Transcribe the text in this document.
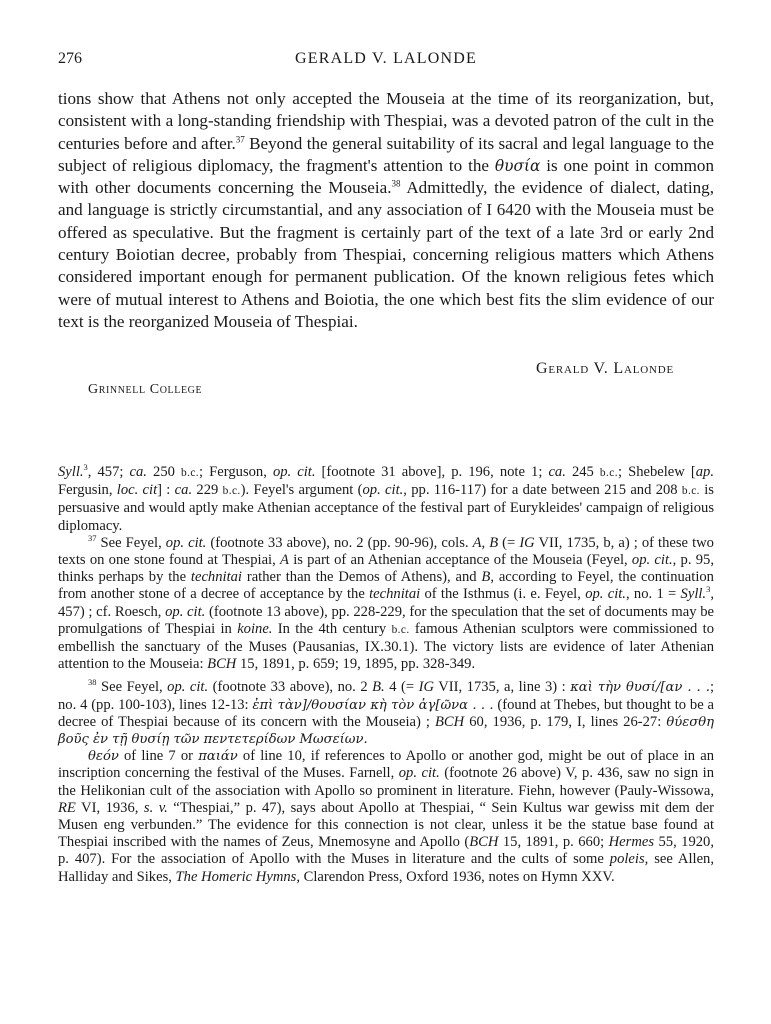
276	GERALD V. LALONDE
tions show that Athens not only accepted the Mouseia at the time of its reorganization, but, consistent with a long-standing friendship with Thespiai, was a devoted patron of the cult in the centuries before and after.$^{37}$ Beyond the general suitability of its sacral and legal language to the subject of religious diplomacy, the fragment's attention to the θυσία is one point in common with other documents concerning the Mouseia.$^{38}$ Admittedly, the evidence of dialect, dating, and language is strictly circumstantial, and any association of I 6420 with the Mouseia must be offered as speculative. But the fragment is certainly part of the text of a late 3rd or early 2nd century Boiotian decree, probably from Thespiai, concerning religious matters which Athens considered important enough for permanent publication. Of the known religious fetes which were of mutual interest to Athens and Boiotia, the one which best fits the slim evidence of our text is the reorganized Mouseia of Thespiai.
Gerald V. Lalonde
Grinnell College

Syll.$^3$, 457; ca. 250 b.c.; Ferguson, op. cit. [footnote 31 above], p. 196, note 1; ca. 245 b.c.; Shebelew [ap. Fergusin, loc. cit] : ca. 229 b.c.). Feyel's argument (op. cit., pp. 116-117) for a date between 215 and 208 b.c. is persuasive and would aptly make Athenian acceptance of the festival part of Eurykleides' campaign of religious diplomacy.

$^{37}$ See Feyel, op. cit. (footnote 33 above), no. 2 (pp. 90-96), cols. A, B (= IG VII, 1735, b, a) ; of these two texts on one stone found at Thespiai, A is part of an Athenian acceptance of the Mouseia (Feyel, op. cit., p. 95, thinks perhaps by the technitai rather than the Demos of Athens), and B, according to Feyel, the continuation from another stone of a decree of acceptance by the technitai of the Isthmus (i. e. Feyel, op. cit., no. 1 = Syll.$^3$, 457) ; cf. Roesch, op. cit. (footnote 13 above), pp. 228-229, for the speculation that the set of documents may be promulgations of Thespiai in koine. In the 4th century b.c. famous Athenian sculptors were commissioned to embellish the sanctuary of the Muses (Pausanias, IX.30.1). The victory lists are evidence of later Athenian attention to the Mouseia: BCH 15, 1891, p. 659; 19, 1895, pp. 328-349.

$^{38}$ See Feyel, op. cit. (footnote 33 above), no. 2 B. 4 (= IG VII, 1735, a, line 3) : καὶ τὴν θυσί/[αν . . .; no. 4 (pp. 100-103), lines 12-13: ἐπὶ τὰν]/θουσίαν κὴ τὸν ἀγ[ῶνα . . . (found at Thebes, but thought to be a decree of Thespiai because of its concern with the Mouseia) ; BCH 60, 1936, p. 179, I, lines 26-27: θύεσθη βοῦς ἐν τῇ θυσίῃ τῶν πεντετερίδων Μωσείων.

θεόν of line 7 or παιάν of line 10, if references to Apollo or another god, might be out of place in an inscription concerning the festival of the Muses. Farnell, op. cit. (footnote 26 above) V, p. 436, saw no sign in the Helikonian cult of the association with Apollo so prominent in literature. Fiehn, however (Pauly-Wissowa, RE VI, 1936, s. v. “Thespiai,” p. 47), says about Apollo at Thespiai, “ Sein Kultus war gewiss mit dem der Musen eng verbunden.” The evidence for this connection is not clear, unless it be the statue base found at Thespiai inscribed with the names of Zeus, Mnemosyne and Apollo (BCH 15, 1891, p. 660; Hermes 55, 1920, p. 407). For the association of Apollo with the Muses in literature and the cults of some poleis, see Allen, Halliday and Sikes, The Homeric Hymns, Clarendon Press, Oxford 1936, notes on Hymn XXV.
